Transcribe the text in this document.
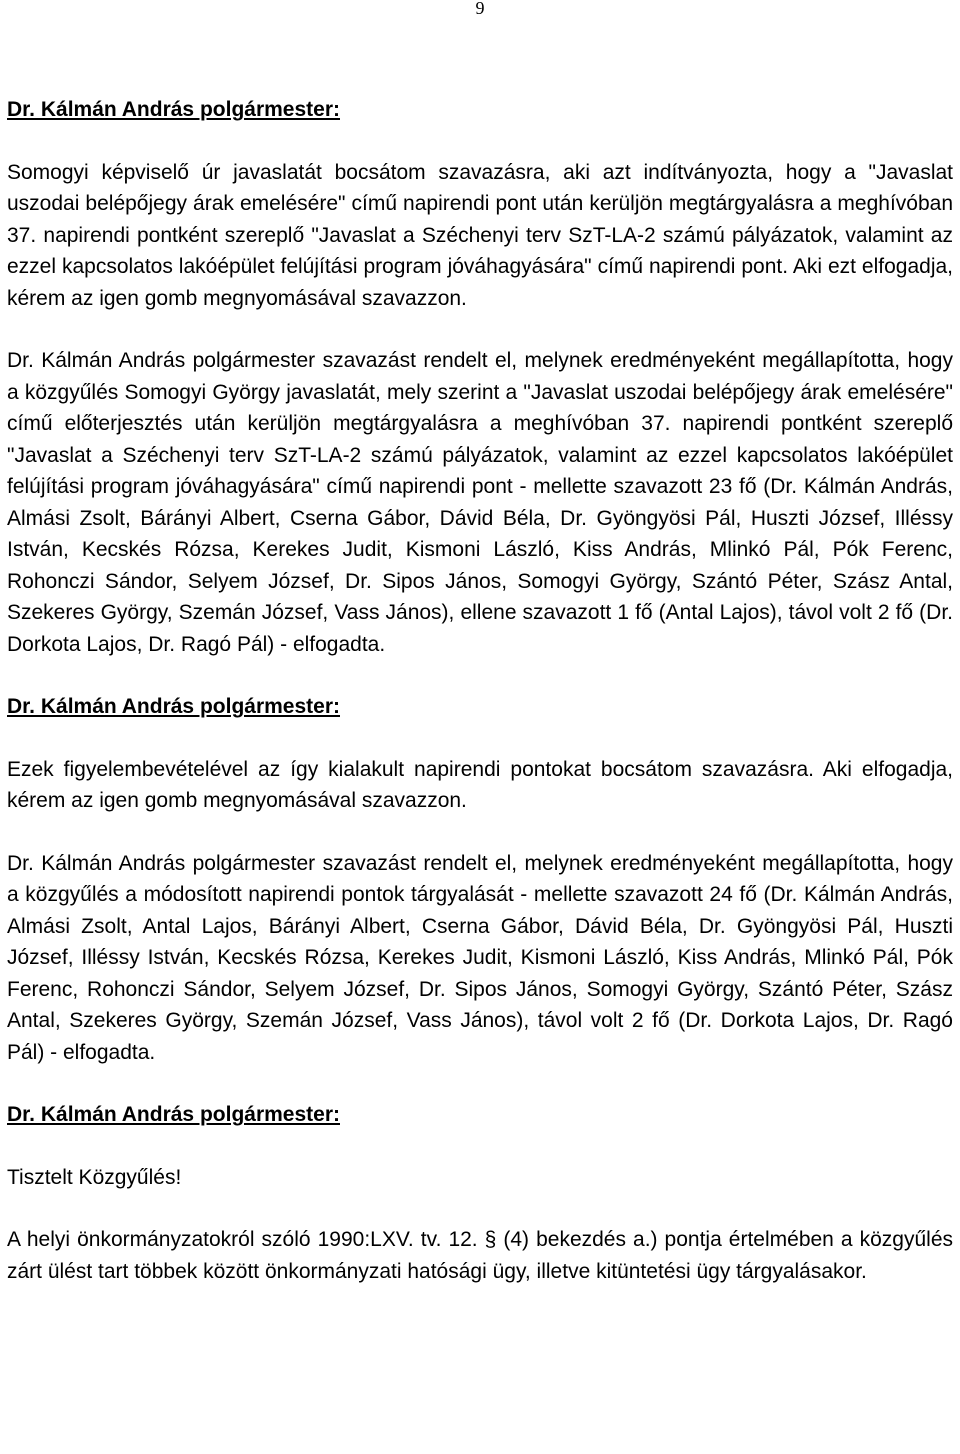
9

Dr. Kálmán András polgármester:

Somogyi képviselő úr javaslatát bocsátom szavazásra, aki azt indítványozta, hogy a "Javaslat uszodai belépőjegy árak emelésére" című napirendi pont után kerüljön megtárgyalásra a meghívóban 37. napirendi pontként szereplő "Javaslat a Széchenyi terv SzT-LA-2 számú pályázatok, valamint az ezzel kapcsolatos lakóépület felújítási program jóváhagyására" című napirendi pont. Aki ezt elfogadja, kérem az igen gomb megnyomásával szavazzon.

Dr. Kálmán András polgármester szavazást rendelt el, melynek eredményeként megállapította, hogy a közgyűlés Somogyi György javaslatát, mely szerint a "Javaslat uszodai belépőjegy árak emelésére" című előterjesztés után kerüljön megtárgyalásra a meghívóban 37. napirendi pontként szereplő "Javaslat a Széchenyi terv SzT-LA-2 számú pályázatok, valamint az ezzel kapcsolatos lakóépület felújítási program jóváhagyására" című napirendi pont - mellette szavazott 23 fő (Dr. Kálmán András, Almási Zsolt, Bárányi Albert, Cserna Gábor, Dávid Béla, Dr. Gyöngyösi Pál, Huszti József, Illéssy István, Kecskés Rózsa, Kerekes Judit, Kismoni László, Kiss András, Mlinkó Pál, Pók Ferenc, Rohonczi Sándor, Selyem József, Dr. Sipos János, Somogyi György, Szántó Péter, Szász Antal, Szekeres György, Szemán József, Vass János), ellene szavazott 1 fő (Antal Lajos), távol volt 2 fő (Dr. Dorkota Lajos, Dr. Ragó Pál) - elfogadta.

Dr. Kálmán András polgármester:

Ezek figyelembevételével az így kialakult napirendi pontokat bocsátom szavazásra. Aki elfogadja, kérem az igen gomb megnyomásával szavazzon.

Dr. Kálmán András polgármester szavazást rendelt el, melynek eredményeként megállapította, hogy a közgyűlés a módosított napirendi pontok tárgyalását - mellette szavazott 24 fő (Dr. Kálmán András, Almási Zsolt, Antal Lajos, Bárányi Albert, Cserna Gábor, Dávid Béla, Dr. Gyöngyösi Pál, Huszti József, Illéssy István, Kecskés Rózsa, Kerekes Judit, Kismoni László, Kiss András, Mlinkó Pál, Pók Ferenc, Rohonczi Sándor, Selyem József, Dr. Sipos János, Somogyi György, Szántó Péter, Szász Antal, Szekeres György, Szemán József, Vass János), távol volt 2 fő (Dr. Dorkota Lajos, Dr. Ragó Pál) - elfogadta.

Dr. Kálmán András polgármester:

Tisztelt Közgyűlés!

A helyi önkormányzatokról szóló 1990:LXV. tv. 12. § (4) bekezdés a.) pontja értelmében a közgyűlés zárt ülést tart többek között önkormányzati hatósági ügy, illetve kitüntetési ügy tárgyalásakor.
